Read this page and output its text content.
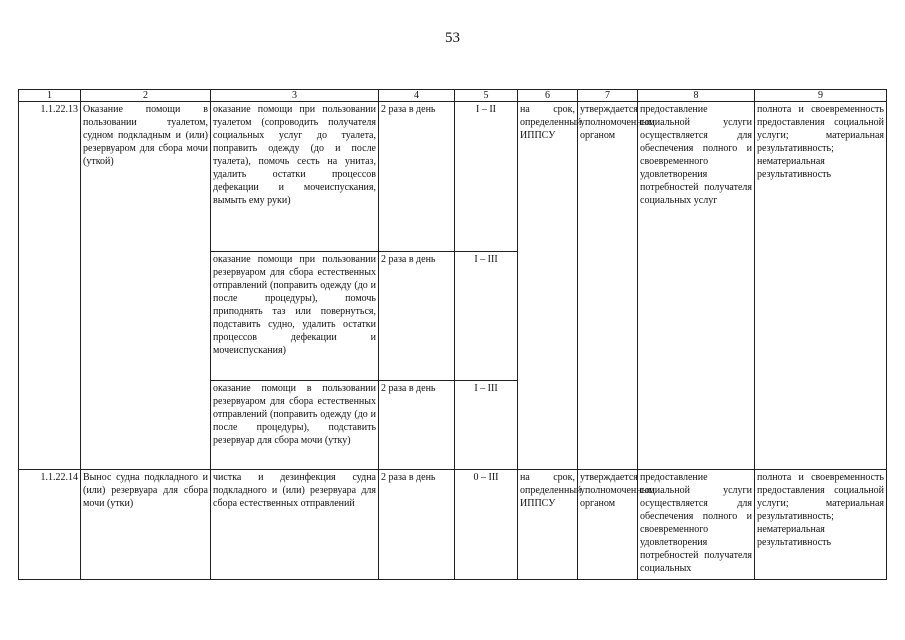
53
1	2	3	4	5	6	7	8	9
1.1.22.13	Оказание помощи в пользовании туалетом, судном подкладным и (или) резервуаром для сбора мочи (уткой)	оказание помощи при пользовании туалетом (сопроводить получателя социальных услуг до туалета, поправить одежду (до и после туалета), помочь сесть на унитаз, удалить остатки процессов дефекации и мочеиспускания, вымыть ему руки)	2 раза в день	I – II	на срок, определенный ИППСУ	утверждается уполномоченным органом	предоставление социальной услуги осуществляется для обеспечения полного и своевременного удовлетворения потребностей получателя социальных услуг	полнота и своевременность предоставления социальной услуги; материальная результативность; нематериальная результативность
		оказание помощи при пользовании резервуаром для сбора естественных отправлений (поправить одежду (до и после процедуры), помочь приподнять таз или повернуться, подставить судно, удалить остатки процессов дефекации и мочеиспускания)	2 раза в день	I – III				
		оказание помощи в пользовании резервуаром для сбора естественных отправлений (поправить одежду (до и после процедуры), подставить резервуар для сбора мочи (утку)	2 раза в день	I – III				
1.1.22.14	Вынос судна подкладного и (или) резервуара для сбора мочи (утки)	чистка и дезинфекция судна подкладного и (или) резервуара для сбора естественных отправлений	2 раза в день	0 – III	на срок, определенный ИППСУ	утверждается уполномоченным органом	предоставление социальной услуги осуществляется для обеспечения полного и своевременного удовлетворения потребностей получателя социальных	полнота и своевременность предоставления социальной услуги; материальная результативность; нематериальная результативность
